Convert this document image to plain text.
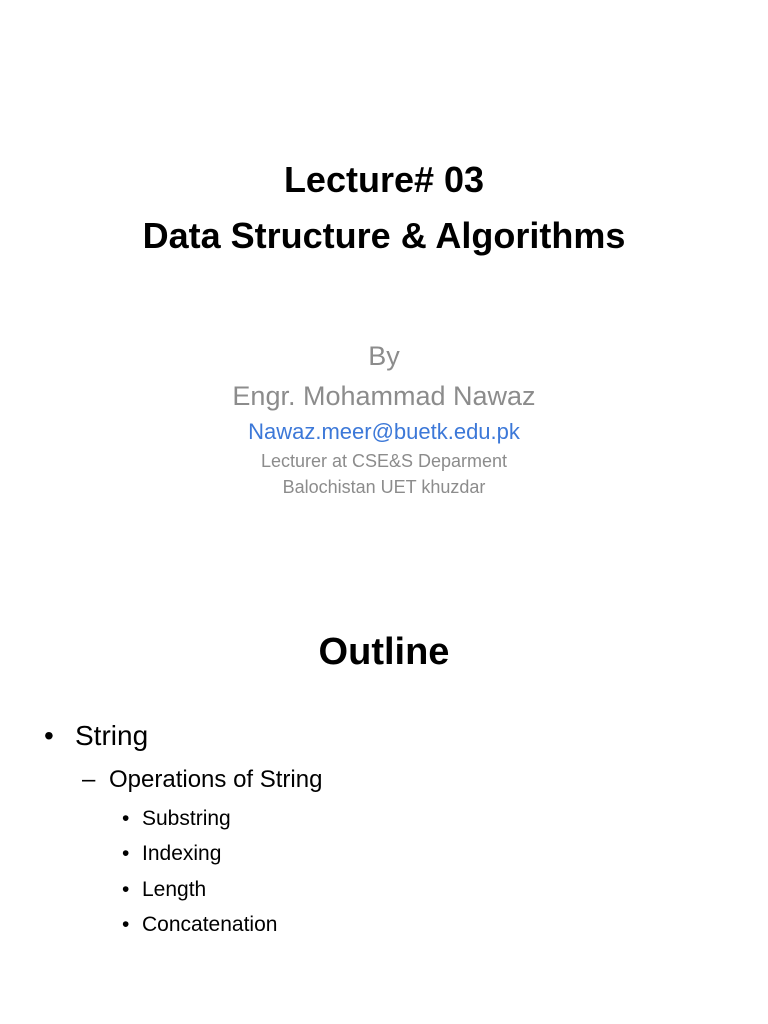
Lecture# 03
Data Structure & Algorithms
By
Engr. Mohammad Nawaz
Nawaz.meer@buetk.edu.pk
Lecturer at CSE&S Deparment
Balochistan UET khuzdar
Outline
• String
– Operations of String
• Substring
• Indexing
• Length
• Concatenation
